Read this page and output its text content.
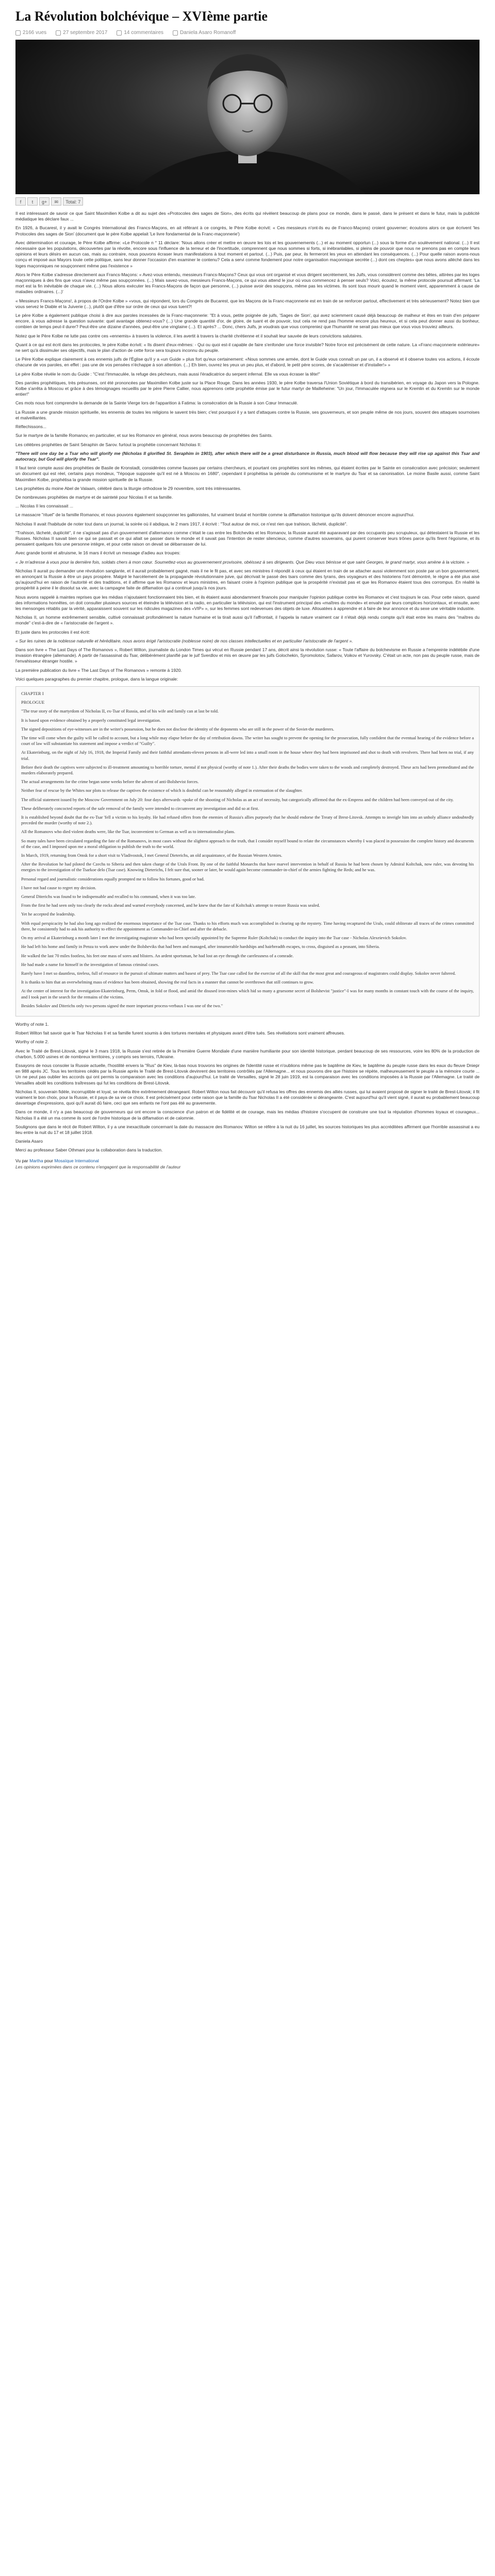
La Révolution bolchévique – XVIème partie
2166 vues	27 septembre 2017	14 commentaires	Daniela Asaro Romanoff
f	t	g+	✉	Total: 7

Il est intéressant de savoir ce que Saint Maximilien Kolbe a dit au sujet des «Protocoles des sages de Sion», des écrits qui révèlent beaucoup de plans pour ce monde, dans le passé, dans le présent et dans le futur, mais la publicité médiatique les déclare faux ...

En 1926, à Bucarest, il y avait le Congrès International des Francs-Maçons, en ait référant à ce congrès, le Père Kolbe écrivit: « Ces messieurs n'ont-ils eu de Franco-Maçons) croient gouverner; écoutons alors ce que écrivent 'les Protocoles des sages de Sion' (document que le père Kolbe appelait 'Le livre fondamental de la Franc-maçonnerie')

Avec détermination et courage, le Père Kolbe affirme: «Le Protocole n ° 11 déclare: 'Nous allons créer et mettre en œuvre les lois et les gouvernements (...) et au moment opportun (...) sous la forme d'un soulèvement national. (...) Il est nécessaire que les populations, découvertes par la révolte, encore sous l'influence de la terreur et de l'incertitude, comprennent que nous sommes si forts, si inébranlables, si pleins de pouvoir que nous ne prenons pas en compte leurs opinions et leurs désirs en aucun cas, mais au contraire, nous pouvons écraser leurs manifestations à tout moment et partout. (...) Puis, par peur, ils fermeront les yeux en attendant les conséquences. (...) Pour quelle raison avons-nous conçu et imposé aux Mayors toute cette politique, sans leur donner l'occasion d'en examiner le contenu? Cela a servi comme fondement pour notre organisation maçonnique secrète (...) dont ces cheptes» que nous avons alléché dans les loges maçonniques ne soupçonnent même pas l'existence »

Alors le Père Kolbe s'adresse directement aux Francs-Maçons: « Avez-vous entendu, messieurs Francs-Maçons? Ceux qui vous ont organisé et vous dirigent secrètement, les Juifs, vous considèrent comme des bêtes, attirées par les loges maçonniques à des fins que vous n'avez même pas soupçonnées. (...) Mais savez-vous, messieurs Francs-Maçons, ce qui vous attend le jour où vous commencez à penser seuls? Voici, écoutez, la même protocole poursuit affirmant: 'La mort est la fin inévitable de chaque vie. (...) Nous allons exécuter les Francs-Maçons de façon que personne, (...) puisse avoir des soupçons, même pas les victimes. Ils sont tous mourir quand le moment vient, apparemment à cause de maladies ordinaires. (...)'

« Messieurs Francs-Maçons!, à propos de l'Ordre Kolbe » «vous, qui répondent, lors du Congrès de Bucarest, que les Maçons de la Franc-maçonnerie est en train de se renforcer partout, effectivement et très sérieusement? Notez bien que vous servez le Diable et la Juiverie (...), plutôt que d'être sur ordre de ceux qui vous tuent?!

Le père Kolbe a également publique choisi à dire aux paroles incessées de la Franc-maçonnerie: "Et à vous, petite poignée de juifs, 'Sages de Sion', qui avez sciemment causé déjà beaucoup de malheur et êtes en train d'en préparer encore, à vous adresse la question suivante: quel avantage obtenez-vous? (...) Une grande quantité d'or, de gloire, de tuant et de pouvoir, tout cela ne rend pas l'homme encore plus heureux, et si cela peut donner aussi du bonheur, combien de temps peut-il durer? Peut-être une dizaine d'années, peut-être une vingtaine (...). Et après? ... Donc, chers Juifs, je voudrais que vous compreniez que l'humanité ne serait pas mieux que vous vous trouviez ailleurs.

Notez que le Père Kolbe ne lutte pas contre ces «ennemis» à travers la violence, il les avertit à travers la charité chrétienne et il souhait leur sauvée de leurs convictions salutaires.

Quant à ce qui est écrit dans les protocoles, le père Kolbe écrivit: « Ils disent d'eux-mêmes: - Qui ou quoi est-il capable de faire s'enfonder une force invisible? Notre force est précisément de cette nature. La «Franc-maçonnerie extérieure» ne sert qu'à dissimuler ses objectifs, mais le plan d'action de cette force sera toujours inconnu du peuple.

Le Père Kolbe explique clairement à ces ennemis juifs de l'Église qu'il y a «un Guide » plus fort qu'eux certainement: «Nous sommes une armée, dont le Guide vous connaît un par un, il a observé et il observe toutes vos actions, il écoute chacune de vos paroles, en effet : pas une de vos pensées n'échappe à son attention. (...) Eh bien, ouvrez les yeux un peu plus, et d'abord, le petit père scores, de s'académiser et d'installer!» »

Le père Kolbe révèle le nom du Guide : "C'est l'Immaculée, la refuge des pécheurs, mais aussi l'éradicatrice du serpent infernal. Elle va vous écraser la tête!"

Des paroles prophétiques, très présunses, ont été prononcées par Maximilien Kolbe juste sur la Place Rouge. Dans les années 1930, le père Kolbe traversa l'Union Soviétique à bord du transibérien, en voyage du Japon vers la Pologne. Kolbe s'arrêta à Moscou et grâce à des témoignages recueillis par le père Pierre Callier, nous apprenons cette prophétie émise par le futur martyr de Mailleheine: "Un jour, l'Immaculée régnera sur le Kremlin et du Kremlin sur le monde entier!"

Ces mots nous font comprendre la demande de la Sainte Vierge lors de l'apparition à Fatima: la consécration de la Russie à son Cœur Immaculé.

La Russie a une grande mission spirituelle, les ennemis de toutes les religions le savent très bien; c'est pourquoi il y a tant d'attaques contre la Russie, ses gouverneurs, et son peuple même de nos jours, souvent des attaques sournoises et malveillantes.

Réflechissons...

Sur le martyre de la famille Romanov, en particulier, et sur les Romanov en général, nous avons beaucoup de prophéties des Saints.

Les célèbres prophéties de Saint Séraphin de Sarov. furtout la prophétie concernant Nicholas II:

"There will one day be a Tsar who will glorify me (Nicholas II glorified St. Seraphim in 1903), after which there will be a great disturbance in Russia, much blood will flow because they will rise up against this Tsar and autocracy, but God will glorify the Tsar".

Il faut tenir compte aussi des prophéties de Basile de Kronstadt, considérées comme fausses par certains chercheurs, et pourtant ces prophéties sont les mêmes, qui étaient écrites par le Sainte en consécration avec précision; seulement un document qui est réel, certains pays mondeux, "l'époque supposée qu'il est né à Moscou en 1680", cependant il prophétisa la période du communisme et le martyre du Tsar et sa canonisation. Le moine Basile aussi, comme Saint Maximilien Kolbe, prophétisa la grande mission spirituelle de la Russie.

Les prophéties du moine Abel de Valaam, célébré dans la liturgie orthodoxe le 29 novembre, sont très intéressantes.

De nombreuses prophéties de martyre et de sainteté pour Nicolas II et sa famille.

... Nicolas II les connaissait ...

Le massacre "rituel" de la famille Romanov, et nous pouvons également soupçonner les gallionistes, fut vraiment brutal et horrible comme la diffamation historique qu'ils doivent dénoncer encore aujourd'hui.

Nicholas II avait l'habitude de noter tout dans un journal, la soirée où il abdiqua, le 2 mars 1917, il écrivit : "Tout autour de moi, ce n'est rien que trahison, lâcheté, duplicité".

"Trahison, lâcheté, duplicité", il ne s'agissait pas d'un gouvernement d'alternance comme c'était le cas entre les Bolcheviks et les Romanov, la Russie aurait été auparavant par des occupants peu scrupuleux, qui détestaient la Russie et les Russes. Nicholas II savait bien ce qui se passait et ce qui allait se passer dans le monde et il savait pas l'intention de rester silencieux, comme d'autres souverains, qui purent conserver leurs trônes parce qu'ils firent l'égoïsme, et ils pensaient quelques fois une personne intègre, et pour cette raison on devait se débarrasser de lui.

Avec grande bonté et altruisme, le 16 mars il écrivit un message d'adieu aux troupes:

« Je m'adresse à vous pour la dernière fois, soldats chers à mon cœur. Soumettez-vous au gouvernement provisoire, obéissez à ses dirigeants. Que Dieu vous bénisse et que saint Georges, le grand martyr, vous amène à la victoire. »

Nicholas II aurait pu demander une révolution sanglante, et il aurait probablement gagné, mais il ne le fit pas, et avec ses ministres il répondit à ceux qui étaient en train de se attacher aussi violemment son poste par un bon gouvernement, en annonçant la Russie à être un pays prospère. Malgré le harcèlement de la propagande révolutionnaire juive, qui décrivait le passé des tsars comme des tyrans, des voyageurs et des historiens l'ont démontré, le règne a été plus aisé qu'aujourd'hui en raison de l'autorité et des traditions, et il affirme que les Romanov et leurs ministres, en faisant croire à l'opinion publique que la prospérité n'existait pas et que les Romanov étaient tous des corrompus. En réalité la prospérité à peine il le dissolut sa vie, avec la campagne faite de diffamation qui a continué jusqu'à nos jours.

Nous avons rappelé à maintes reprises que les médias n'ajoutaient fonctionnaient très bien, et ils étaient aussi abondamment financés pour manipuler l'opinion publique contre les Romanov et c'est toujours le cas. Pour cette raison, quand des informations honnêtes, on doit consulter plusieurs sources et éteindre la télévision et la radio, en particulier la télévision, qui est l'instrument principal des «maîtres du monde» et envahir par leurs complices horizontaux, et ensuite, avec les mensonges rétablis par la vérité, apparaissent souvent sur les ridicules magazines des «VIP» », sur les femmes sont redevenues des objets de luxe. Allouatées à apprendre et à faire de leur annonce et du sexe une véritable industrie.

Nicholas II, un homme extrêmement sensible, cultivé connaissait profondément la nature humaine et la tirait aussi qu'il l'affrontait, il l'appela la nature vraiment car il n'était déjà rendu compte qu'il était entre les mains des "maîtres du monde" c'est-à-dire de « l'aristocratie de l'argent ».

Et juste dans les protocoles il est écrit:

« Sur les ruines de la noblesse naturelle et héréditaire, nous avons érigé l'aristocratie (noblesse noire) de nos classes intellectuelles et en particulier l'aristocratie de l'argent ».

Dans son livre « The Last Days of The Romanovs », Robert Wilton, journaliste du London Times qui vécut en Russie pendant 17 ans, décrit ainsi la révolution russe: « Toute l'affaire du bolchevisme en Russie a l'empreinte indélébile d'une invasion étrangère (allemande). A partir de l'assassinat du Tsar, délibérément planifié par le juif Sverdlov et mis en œuvre par les juifs Golochekin, Syromolotov, Safarov, Voikov et Yurovsky. C'était un acte, non pas du peuple russe, mais de l'envahisseur étranger hostile. »

La première publication du livre « The Last Days of The Romanovs » remonte à 1920.

Voici quelques paragraphes du premier chapitre, prologue, dans la langue originale:

CHAPTER I

PROLOGUE

"The true story of the martyrdom of Nicholas II, ex-Tsar of Russia, and of his wife and family can at last be told.

It is based upon evidence obtained by a properly constituted legal investigation.

The signed depositions of eye-witnesses are in the writer's possession, but he does not disclose the identity of the deponents who are still in the power of the Soviet-the murderers.

The time will come when the guilty will be called to account, but a long while may elapse before the day of retribution dawns. The writer has sought to prevent the opening for the prosecution, fully confident that the eventual hearing of the evidence before a court of law will substantiate his statement and impose a verdict of "Guilty".

At Ekaterinburg, on the night of July 16, 1918, the Imperial Family and their faithful attendants-eleven persons in all-were led into a small room in the house where they had been imprisoned and shot to death with revolvers. There had been no trial, if any trial.

Before their death the captives were subjected to ill-treatment amounting to horrible torture, mental if not physical (worthy of note 1.). After their deaths the bodies were taken to the woods and completely destroyed. These acts had been premeditated and the murders elaborately prepared.

The actual arrangements for the crime began some weeks before the advent of anti-Bolshevist forces.

Neither fear of rescue by the Whites nor plots to release the captives the existence of which is doubtful can be reasonably alleged in extenuation of the slaughter.

The official statement issued by the Moscow Government on July 20: four days afterwards -spoke of the shooting of Nicholas as an act of necessity, but categorically affirmed that the ex-Empress and the children had been conveyed out of the city.

These deliberately concocted reports of the safe removal of the family were intended to circumvent any investigation and did so at first.

It is established beyond doubt that the ex-Tsar 'fell a victim to his loyalty. He had refused offers from the enemies of Russia's allies purposely that he should endorse the Treaty of Brest-Litovsk. Attempts to inveigle him into an unholy alliance undoubtedly preceded the murder (worthy of note 2.).

All the Romanovs who died violent deaths were, like the Tsar, inconvenient to German as well as to internationalist plans.

So many tales have been circulated regarding the fate of the Romanovs, in most cases without the slightest approach to the truth, that I consider myself bound to relate the circumstances whereby I was placed in possession the complete history and documents of the case, and I imposed upon me a moral obligation to publish the truth to the world.

In March, 1919, returning from Omsk for a short visit to Vladivostok, I met General Dieterichs, an old acquaintance, of the Russian Western Armies.

After the Revolution he had piloted the Czechs to Siberia and then taken charge of the Urals Front. By one of the faithful Monarchs that have marvel intervention in behalf of Russia he had been chosen by Admiral Koltchak, now ruler, was devoting his energies to the investigation of the Tsarkoe delo (Tsar case). Knowing Dieterichs, I felt sure that, sooner or later, he would again become commander-in-chief of the armies fighting the Reds; and he was.

Personal regard and journalistic considerations equally prompted me to follow his fortunes, good or bad.

I have not had cause to regret my decision.

General Diterichs was found to be indispensable and recalled to his command, when it was too late.

From the first he had seen only too clearly the rocks ahead and warned everybody concerned, and he knew that the fate of Koltchak's attempt to restore Russia was sealed.

Yet he accepted the leadership.

With equal perspicacity he had also long ago realized the enormous importance of the Tsar case. Thanks to his efforts much was accomplished in clearing up the mystery. Time having recaptured the Urals, could obliterate all traces of the crimes committed there, he consistently had to ask his authority to effect the appointment as Commander-in-Chief and after the debacle.

On my arrival at Ekaterinburg a month later I met the investigating magistrate who had been specially appointed by the Supreme Ruler (Koltchak) to conduct the inquiry into the Tsar case - Nicholas Alexeievich Sokolov.

He had left his home and family in Penza to work anew under the Bolsheviks that had been and managed, after innumerable hardships and hairbreadth escapes, to cross, disguised as a peasant, into Siberia.

He walked the last 70 miles footless, his feet one mass of sores and blisters. An ardent sportsman, he had lost an eye through the carelessness of a comrade.

He had made a name for himself in the investigation of famous criminal cases.

Rarely have I met so dauntless, tireless, full of resource in the pursuit of ultimate matters and basest of prey. The Tsar case called for the exercise of all the skill that the most great and courageous of magistrates could display. Sokolov never faltered.

It is thanks to him that an overwhelming mass of evidence has been obtained, showing the real facts in a manner that cannot be overthrown that still continues to grow.

At the center of interest for the investigation-Ekaterinburg, Perm, Omsk, in fold or flood, and amid the disused iron-mines which hid so many a gruesome secret of Bolshevist "justice"-I was for many months in constant touch with the course of the inquiry, and I took part in the search for the remains of the victims.

Besides Sokolov and Diterichs only two persons signed the more important process-verbaux I was one of the two."

Worthy of note 1.

Robert Wilton fait savoir que le Tsar Nicholas II et sa famille furent soumis à des tortures mentales et physiques avant d'être tués. Ses révélations sont vraiment affreuses.

Worthy of note 2.

Avec le Traité de Brest-Litovsk, signé le 3 mars 1918, la Russie s'est retirée de la Première Guerre Mondiale d'une manière humiliante pour son identité historique, perdant beaucoup de ses ressources, voire les 80% de la production de charbon, 5.000 usines et de nombreux territoires, y compris ses terroirs, l'Ukraine.

Essayons de nous consoler la Russie actuelle, l'hostilité envers la "Rus" de Kiev, là-bas nous trouvons les origines de l'identité russe et n'oublions même pas le baptême de Kiev, le baptême du peuple russe dans les eaux du fleuve Dniepr en 988 après JC. Tous les territoires cédés par la Russie après le Traité de Brest-Litovsk devinrent des territoires contrôlés par l'Allemagne... et nous pouvons dire que l'histoire se répète, malheureusement le peuple a la mémoire courte ... Un ne peut pas oublier les accords qui ont permis la comparaison avec les conditions d'aujourd'hui. Le traité de Versailles, signé le 28 juin 1919, est la comparaison avec les conditions imposées à la Russie par l'Allemagne. Le traité de Versailles abolit les conditions traîtresses qui fut les conditions de Brest-Litovsk.

Nicholas II, souverain fidèle, incorruptible et loyal, se révéla être extrêmement dérangeant. Robert Wilton nous fait découvrir qu'il refusa les offres des ennemis des alliés russes, qui lui avaient proposé de signer le traité de Brest-Litovsk; il fit vraiment le bon choix, pour la Russie, et il paya de sa vie ce choix. Il est précisément pour cette raison que la famille du Tsar Nicholas II a été considérée si dérangeante. C'est aujourd'hui qu'il vient signé, il aurait eu probablement beaucoup davantage d'expressions, quoi qu'il aurait dû faire, ceci que ses enfants ne l'ont pas été au gravemente.

Dans ce monde, il n'y a pas beaucoup de gouverneurs qui ont encore la conscience d'un patron et de fidélité et de courage, mais les médias d'histoire s'occupent de construire une tout la réputation d'hommes loyaux et courageux... Nicholas II a été un ma comme ils sont de l'ordre historique de la diffamation et de calomnie.

Soulignons que dans le récit de Robert Wilton, il y a une inexactitude concernant la date du massacre des Romanov. Wilton se réfère à la nuit du 16 juillet, les sources historiques les plus accréditées affirment que l'horrible assassinat a eu lieu entre la nuit du 17 et 18 juillet 1918.

Daniela Asaro

Merci au professeur Saber Othmani pour la collaboration dans la traduction.

Vu par Martha pour Mosaïque International
Les opinions exprimées dans ce contenu n'engagent que la responsabilité de l'auteur
